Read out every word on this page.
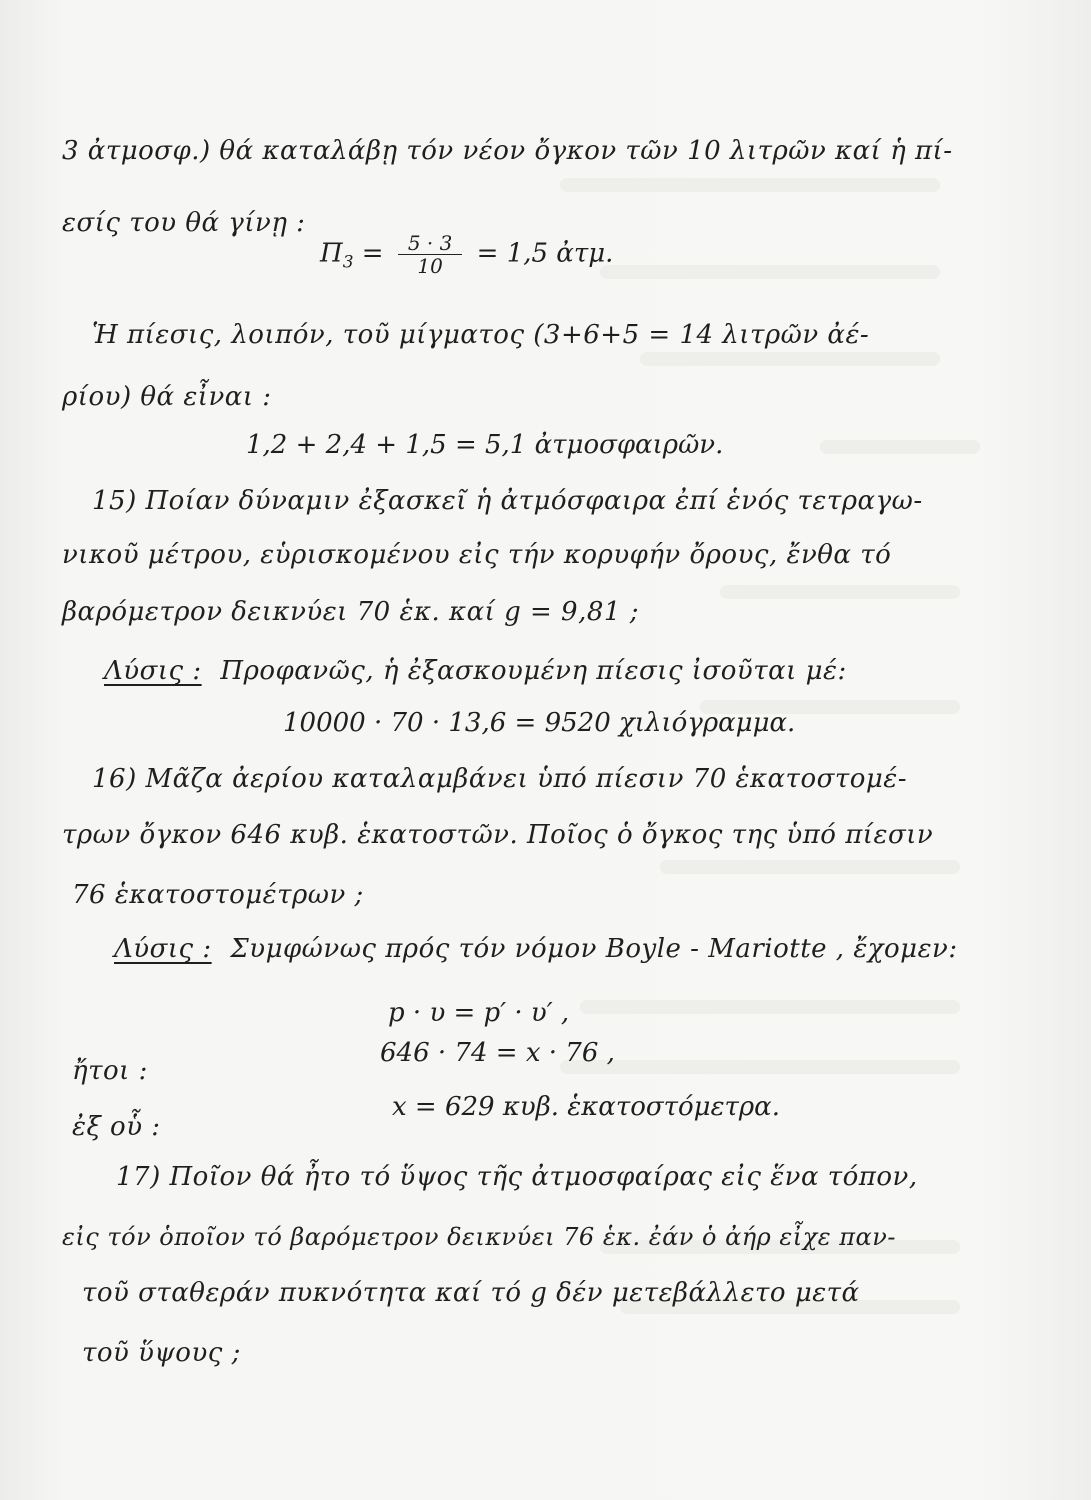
3 ἀτμοσφ.) θά καταλάβῃ τόν νέον ὄγκον τῶν 10 λιτρῶν καί ἡ πί-
εσίς του θά γίνῃ :
$\Pi_3 = \frac{5 \cdot 3}{10} = 1,5$ ἀτμ.
Ἡ πίεσις, λοιπόν, τοῦ μίγματος (3+6+5 = 14 λιτρῶν ἀέ-
ρίου) θά εἶναι :
1,2 + 2,4 + 1,5 = 5,1 ἀτμοσφαιρῶν.
15) Ποίαν δύναμιν ἐξασκεῖ ἡ ἀτμόσφαιρα ἐπί ἑνός τετραγω-
νικοῦ μέτρου, εὑρισκομένου εἰς τήν κορυφήν ὄρους, ἔνθα τό
βαρόμετρον δεικνύει 70 ἑκ. καί g = 9,81 ;
Λύσις : Προφανῶς, ἡ ἐξασκουμένη πίεσις ἰσοῦται μέ:
10000 · 70 · 13,6 = 9520 χιλιόγραμμα.
16) Μᾶζα ἀερίου καταλαμβάνει ὑπό πίεσιν 70 ἑκατοστομέ-
τρων ὄγκον 646 κυβ. ἑκατοστῶν. Ποῖος ὁ ὄγκος της ὑπό πίεσιν
76 ἑκατοστομέτρων ;
Λύσις : Συμφώνως πρός τόν νόμον Boyle - Mariotte , ἔχομεν:
p · υ = p′ · υ′ ,
ἤτοι :
646 · 74 = x · 76 ,
ἐξ οὗ :
x = 629 κυβ. ἑκατοστόμετρα.
17) Ποῖον θά ἦτο τό ὕψος τῆς ἀτμοσφαίρας εἰς ἕνα τόπον,
εἰς τόν ὁποῖον τό βαρόμετρον δεικνύει 76 ἑκ. ἐάν ὁ ἀήρ εἶχε παν-
τοῦ σταθεράν πυκνότητα καί τό g δέν μετεβάλλετο μετά
τοῦ ὕψους ;
